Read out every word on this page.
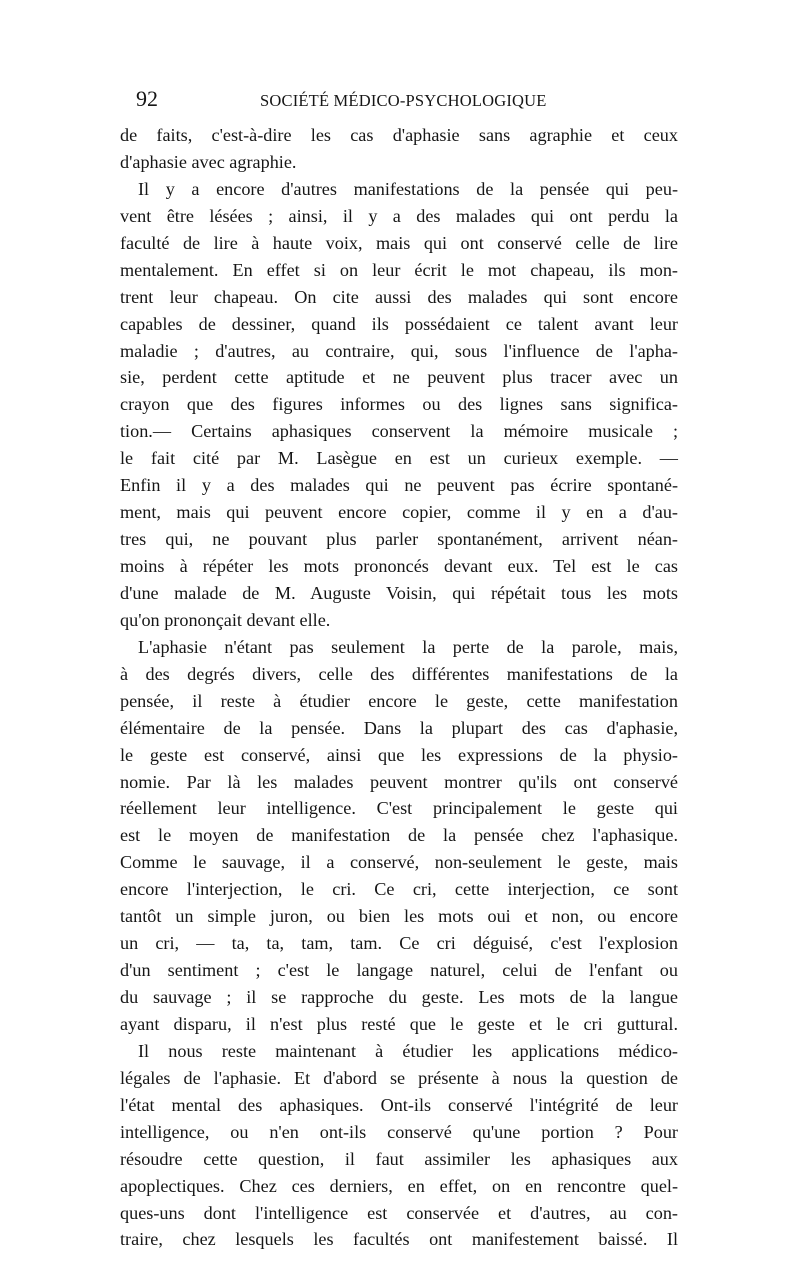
92	SOCIÉTÉ MÉDICO-PSYCHOLOGIQUE
de faits, c'est-à-dire les cas d'aphasie sans agraphie et ceux
d'aphasie avec agraphie.
Il y a encore d'autres manifestations de la pensée qui peu-
vent être lésées ; ainsi, il y a des malades qui ont perdu la
faculté de lire à haute voix, mais qui ont conservé celle de lire
mentalement. En effet si on leur écrit le mot chapeau, ils mon-
trent leur chapeau. On cite aussi des malades qui sont encore
capables de dessiner, quand ils possédaient ce talent avant leur
maladie ; d'autres, au contraire, qui, sous l'influence de l'apha-
sie, perdent cette aptitude et ne peuvent plus tracer avec un
crayon que des figures informes ou des lignes sans significa-
tion.— Certains aphasiques conservent la mémoire musicale ;
le fait cité par M. Lasègue en est un curieux exemple. —
Enfin il y a des malades qui ne peuvent pas écrire spontané-
ment, mais qui peuvent encore copier, comme il y en a d'au-
tres qui, ne pouvant plus parler spontanément, arrivent néan-
moins à répéter les mots prononcés devant eux. Tel est le cas
d'une malade de M. Auguste Voisin, qui répétait tous les mots
qu'on prononçait devant elle.
L'aphasie n'étant pas seulement la perte de la parole, mais,
à des degrés divers, celle des différentes manifestations de la
pensée, il reste à étudier encore le geste, cette manifestation
élémentaire de la pensée. Dans la plupart des cas d'aphasie,
le geste est conservé, ainsi que les expressions de la physio-
nomie. Par là les malades peuvent montrer qu'ils ont conservé
réellement leur intelligence. C'est principalement le geste qui
est le moyen de manifestation de la pensée chez l'aphasique.
Comme le sauvage, il a conservé, non-seulement le geste, mais
encore l'interjection, le cri. Ce cri, cette interjection, ce sont
tantôt un simple juron, ou bien les mots oui et non, ou encore
un cri, — ta, ta, tam, tam. Ce cri déguisé, c'est l'explosion
d'un sentiment ; c'est le langage naturel, celui de l'enfant ou
du sauvage ; il se rapproche du geste. Les mots de la langue
ayant disparu, il n'est plus resté que le geste et le cri guttural.
Il nous reste maintenant à étudier les applications médico-
légales de l'aphasie. Et d'abord se présente à nous la question de
l'état mental des aphasiques. Ont-ils conservé l'intégrité de leur
intelligence, ou n'en ont-ils conservé qu'une portion ? Pour
résoudre cette question, il faut assimiler les aphasiques aux
apoplectiques. Chez ces derniers, en effet, on en rencontre quel-
ques-uns dont l'intelligence est conservée et d'autres, au con-
traire, chez lesquels les facultés ont manifestement baissé. Il
